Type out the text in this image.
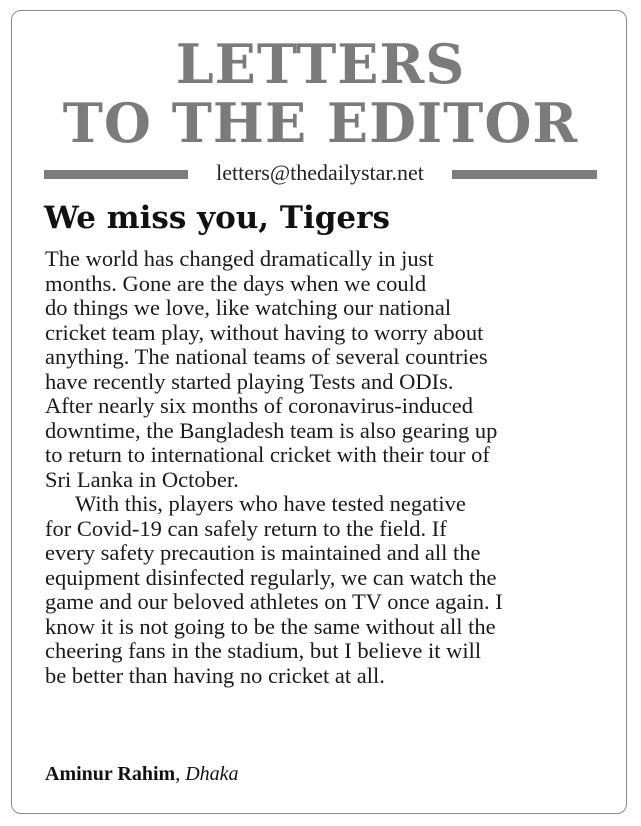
LETTERS
TO THE EDITOR
letters@thedailystar.net
We miss you, Tigers
The world has changed dramatically in just
months. Gone are the days when we could
do things we love, like watching our national
cricket team play, without having to worry about
anything. The national teams of several countries
have recently started playing Tests and ODIs.
After nearly six months of coronavirus-induced
downtime, the Bangladesh team is also gearing up
to return to international cricket with their tour of
Sri Lanka in October.
With this, players who have tested negative
for Covid-19 can safely return to the field. If
every safety precaution is maintained and all the
equipment disinfected regularly, we can watch the
game and our beloved athletes on TV once again. I
know it is not going to be the same without all the
cheering fans in the stadium, but I believe it will
be better than having no cricket at all.
Aminur Rahim, Dhaka
